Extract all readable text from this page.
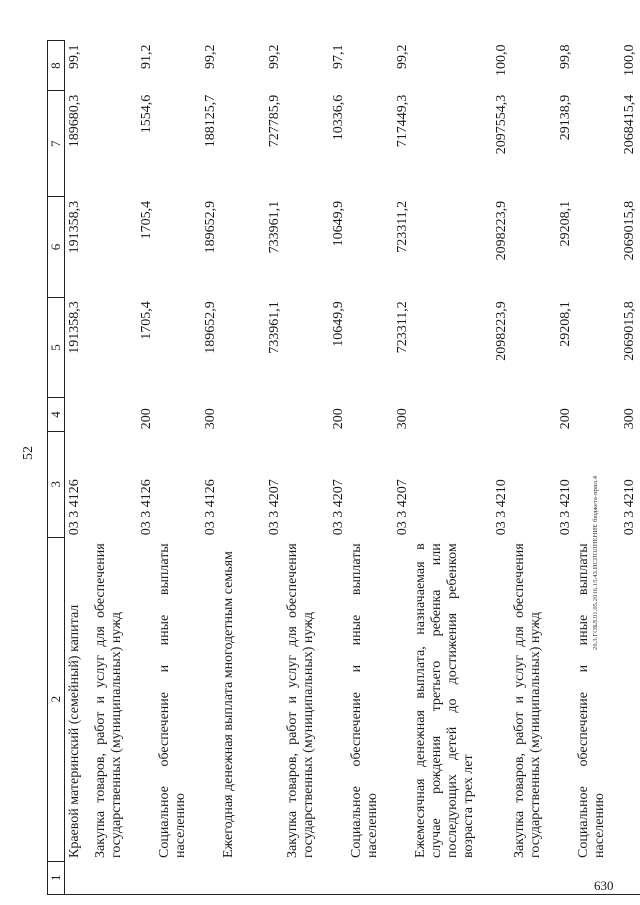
52
20.3.ГОБЛ.01.05.2016.15.43.ИСПОЛНЕНИЕ бюджета-прил.4
630
1	2	3	4	5	6	7	8
	Краевой материнский (семейный) капитал	03 3 4126		191358,3	191358,3	189680,3	99,1
	Закупка товаров, работ и услуг для обеспечения государственных (муниципальных) нужд	03 3 4126	200	1705,4	1705,4	1554,6	91,2
	Социальное обеспечение и иные выплаты населению	03 3 4126	300	189652,9	189652,9	188125,7	99,2
	Ежегодная денежная выплата многодетным семьям	03 3 4207		733961,1	733961,1	727785,9	99,2
	Закупка товаров, работ и услуг для обеспечения государственных (муниципальных) нужд	03 3 4207	200	10649,9	10649,9	10336,6	97,1
	Социальное обеспечение и иные выплаты населению	03 3 4207	300	723311,2	723311,2	717449,3	99,2
	Ежемесячная денежная выплата, назначаемая в случае рождения третьего ребенка или последующих детей до достижения ребенком возраста трех лет	03 3 4210		2098223,9	2098223,9	2097554,3	100,0
	Закупка товаров, работ и услуг для обеспечения государственных (муниципальных) нужд	03 3 4210	200	29208,1	29208,1	29138,9	99,8
	Социальное обеспечение и иные выплаты населению	03 3 4210	300	2069015,8	2069015,8	2068415,4	100,0
